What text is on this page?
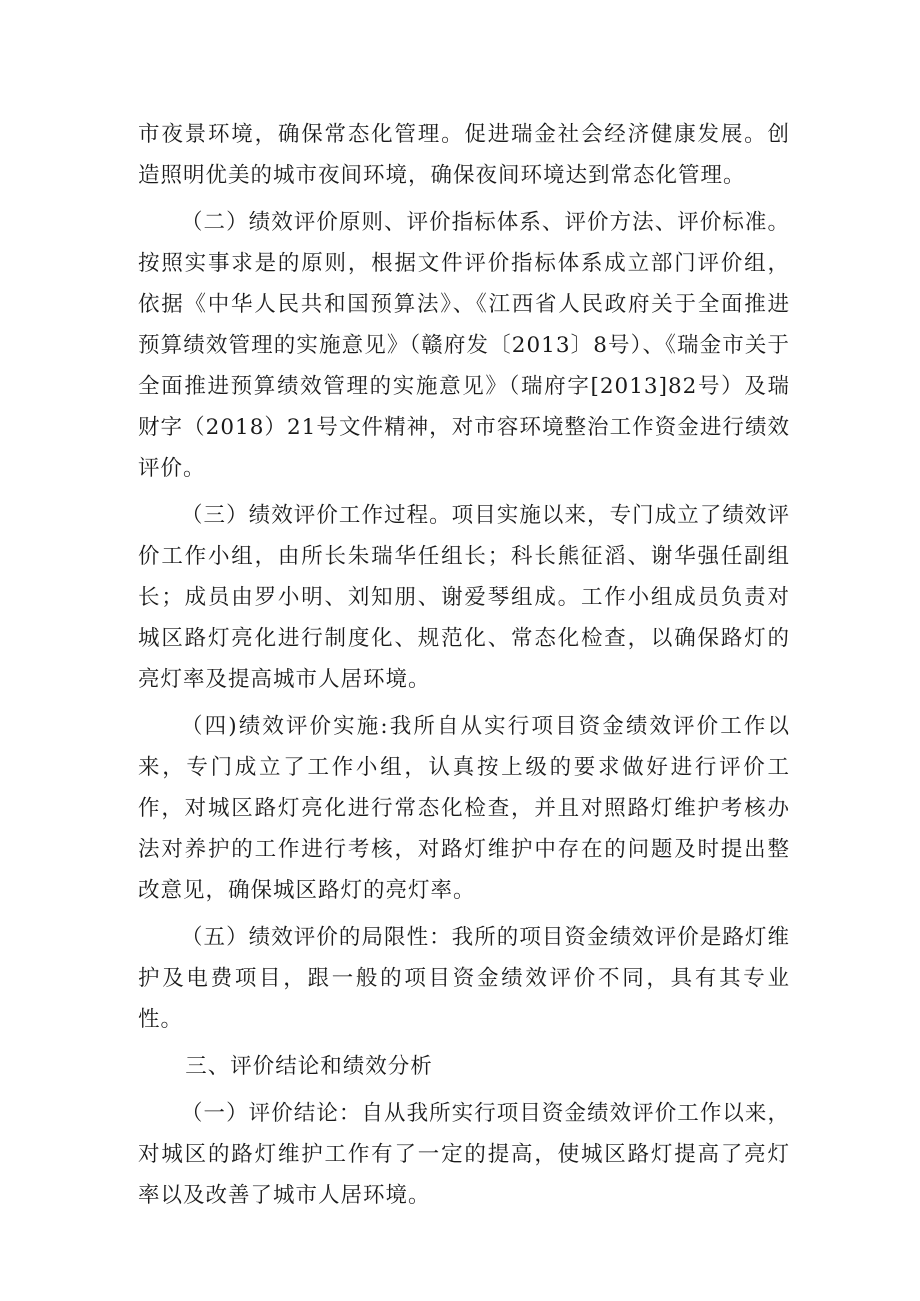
市夜景环境，确保常态化管理。促进瑞金社会经济健康发展。创造照明优美的城市夜间环境，确保夜间环境达到常态化管理。

（二）绩效评价原则、评价指标体系、评价方法、评价标准。按照实事求是的原则，根据文件评价指标体系成立部门评价组，依据《中华人民共和国预算法》、《江西省人民政府关于全面推进预算绩效管理的实施意见》（赣府发〔2013〕8号）、《瑞金市关于全面推进预算绩效管理的实施意见》（瑞府字[2013]82号）及瑞财字（2018）21号文件精神，对市容环境整治工作资金进行绩效评价。

（三）绩效评价工作过程。项目实施以来，专门成立了绩效评价工作小组，由所长朱瑞华任组长；科长熊征滔、谢华强任副组长；成员由罗小明、刘知朋、谢爱琴组成。工作小组成员负责对城区路灯亮化进行制度化、规范化、常态化检查，以确保路灯的亮灯率及提高城市人居环境。

（四)绩效评价实施:我所自从实行项目资金绩效评价工作以来，专门成立了工作小组，认真按上级的要求做好进行评价工作，对城区路灯亮化进行常态化检查，并且对照路灯维护考核办法对养护的工作进行考核，对路灯维护中存在的问题及时提出整改意见，确保城区路灯的亮灯率。

（五）绩效评价的局限性：我所的项目资金绩效评价是路灯维护及电费项目，跟一般的项目资金绩效评价不同，具有其专业性。

三、评价结论和绩效分析

（一）评价结论：自从我所实行项目资金绩效评价工作以来，对城区的路灯维护工作有了一定的提高，使城区路灯提高了亮灯率以及改善了城市人居环境。
